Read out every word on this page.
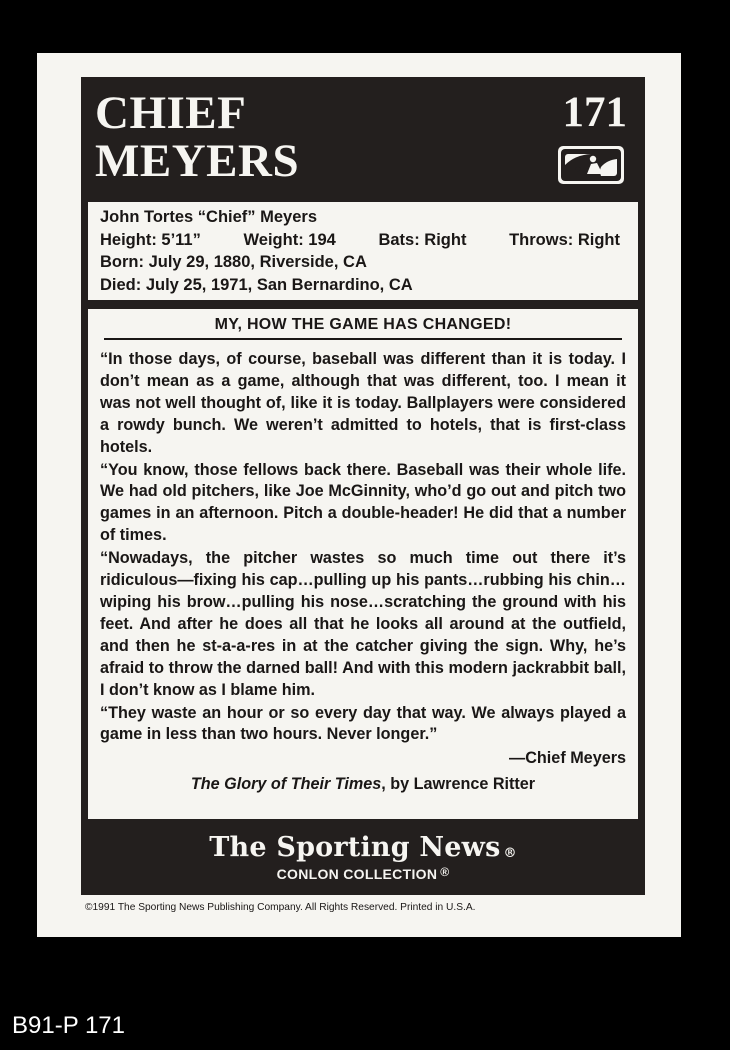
CHIEF
MEYERS
171
John Tortes “Chief” Meyers
Height: 5’11”	Weight: 194	Bats: Right	Throws: Right
Born: July 29, 1880, Riverside, CA
Died: July 25, 1971, San Bernardino, CA
MY, HOW THE GAME HAS CHANGED!

“In those days, of course, baseball was different than it is today. I don’t mean as a game, although that was different, too. I mean it was not well thought of, like it is today. Ballplayers were considered a rowdy bunch. We weren’t admitted to hotels, that is first-class hotels.

“You know, those fellows back there. Baseball was their whole life. We had old pitchers, like Joe McGinnity, who’d go out and pitch two games in an afternoon. Pitch a double-header! He did that a number of times.

“Nowadays, the pitcher wastes so much time out there it’s ridiculous—fixing his cap…pulling up his pants…rubbing his chin…wiping his brow…pulling his nose…scratching the ground with his feet. And after he does all that he looks all around at the outfield, and then he st-a-a-res in at the catcher giving the sign. Why, he’s afraid to throw the darned ball! And with this modern jackrabbit ball, I don’t know as I blame him.

“They waste an hour or so every day that way. We always played a game in less than two hours. Never longer.”

—Chief Meyers
The Glory of Their Times, by Lawrence Ritter
The Sporting News ®
CONLON COLLECTION ®
©1991 The Sporting News Publishing Company. All Rights Reserved. Printed in U.S.A.
B91-P 171
